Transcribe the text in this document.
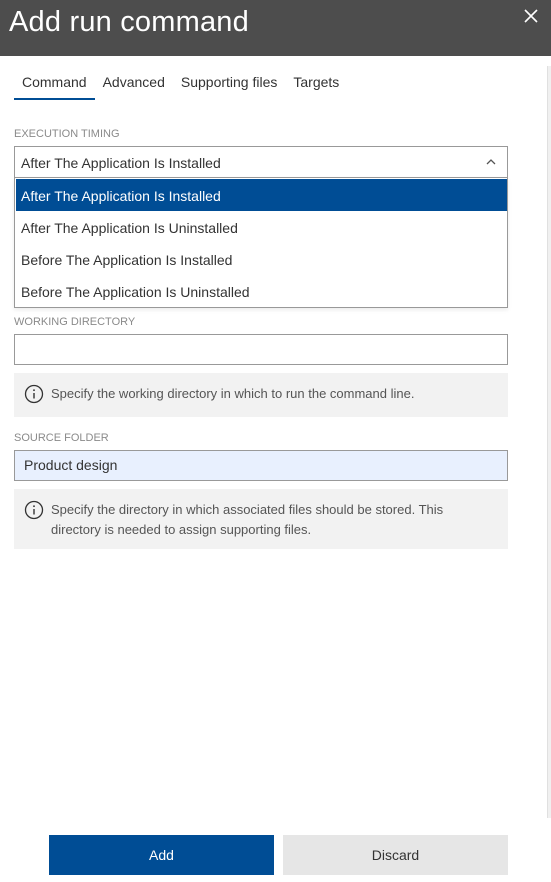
Add run command
Command	Advanced	Supporting files	Targets
EXECUTION TIMING
After The Application Is Installed
After The Application Is Installed
After The Application Is Uninstalled
Before The Application Is Installed
Before The Application Is Uninstalled
WORKING DIRECTORY
Specify the working directory in which to run the command line.
SOURCE FOLDER
Product design
Specify the directory in which associated files should be stored. This directory is needed to assign supporting files.
Add	Discard
